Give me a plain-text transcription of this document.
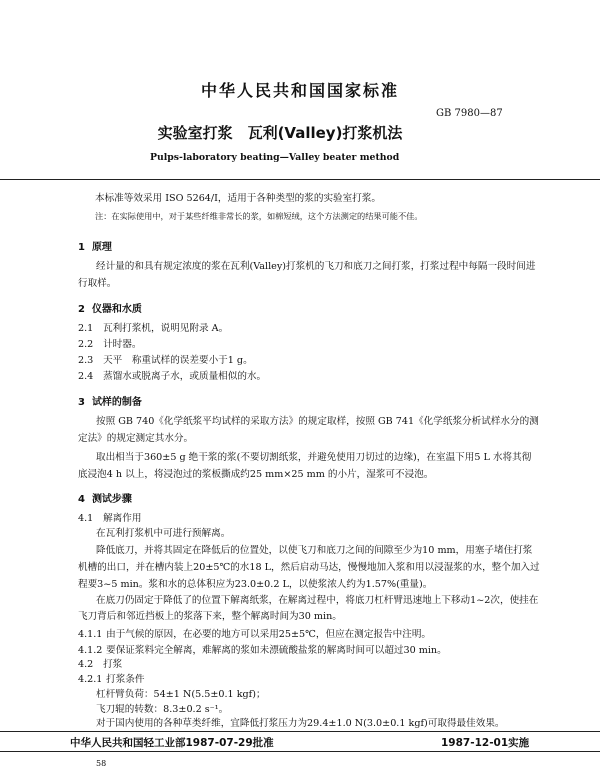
中华人民共和国国家标准
GB 7980—87
实验室打浆　瓦利(Valley)打浆机法
Pulps-laboratory beating—Valley beater method
本标准等效采用 ISO 5264/Ⅰ，适用于各种类型的浆的实验室打浆。
注：在实际使用中，对于某些纤维非常长的浆，如棉短绒，这个方法测定的结果可能不佳。
1 原理
经计量的和具有规定浓度的浆在瓦利(Valley)打浆机的飞刀和底刀之间打浆，打浆过程中每隔一段时间进行取样。
2 仪器和水质
2.1 瓦利打浆机，说明见附录 A。
2.2 计时器。
2.3 天平　称重试样的误差要小于1 g。
2.4 蒸馏水或脱离子水，或质量相似的水。
3 试样的制备
按照 GB 740《化学纸浆平均试样的采取方法》的规定取样，按照 GB 741《化学纸浆分析试样水分的测定法》的规定测定其水分。
取出相当于360±5 g 绝干浆的浆(不要切割纸浆，并避免使用刀切过的边缘)，在室温下用5 L 水将其彻底浸泡4 h 以上，将浸泡过的浆板撕成约25 mm×25 mm 的小片，湿浆可不浸泡。
4 测试步骤
4.1 解离作用
在瓦利打浆机中可进行预解离。
降低底刀，并将其固定在降低后的位置处，以使飞刀和底刀之间的间隙至少为10 mm，用塞子堵住打浆机槽的出口，并在槽内装上20±5℃的水18 L，然后启动马达，慢慢地加入浆和用以浸湿浆的水，整个加入过程要3~5 min。浆和水的总体积应为23.0±0.2 L，以使浆浓人约为1.57%(重量)。
在底刀仍固定于降低了的位置下解离纸浆，在解离过程中，将底刀杠杆臂迅速地上下移动1~2次，使挂在飞刀背后和邻近挡板上的浆落下来，整个解离时间为30 min。
4.1.1 由于气候的原因，在必要的地方可以采用25±5℃，但应在测定报告中注明。
4.1.2 要保证浆料完全解离，难解离的浆如未漂硫酸盐浆的解离时间可以超过30 min。
4.2 打浆
4.2.1 打浆条件
杠杆臂负荷：54±1 N(5.5±0.1 kgf)；
飞刀辊的转数：8.3±0.2 s⁻¹。
对于国内使用的各种草类纤维，宜降低打浆压力为29.4±1.0 N(3.0±0.1 kgf)可取得最佳效果。
中华人民共和国轻工业部1987-07-29批准	1987-12-01实施
58
